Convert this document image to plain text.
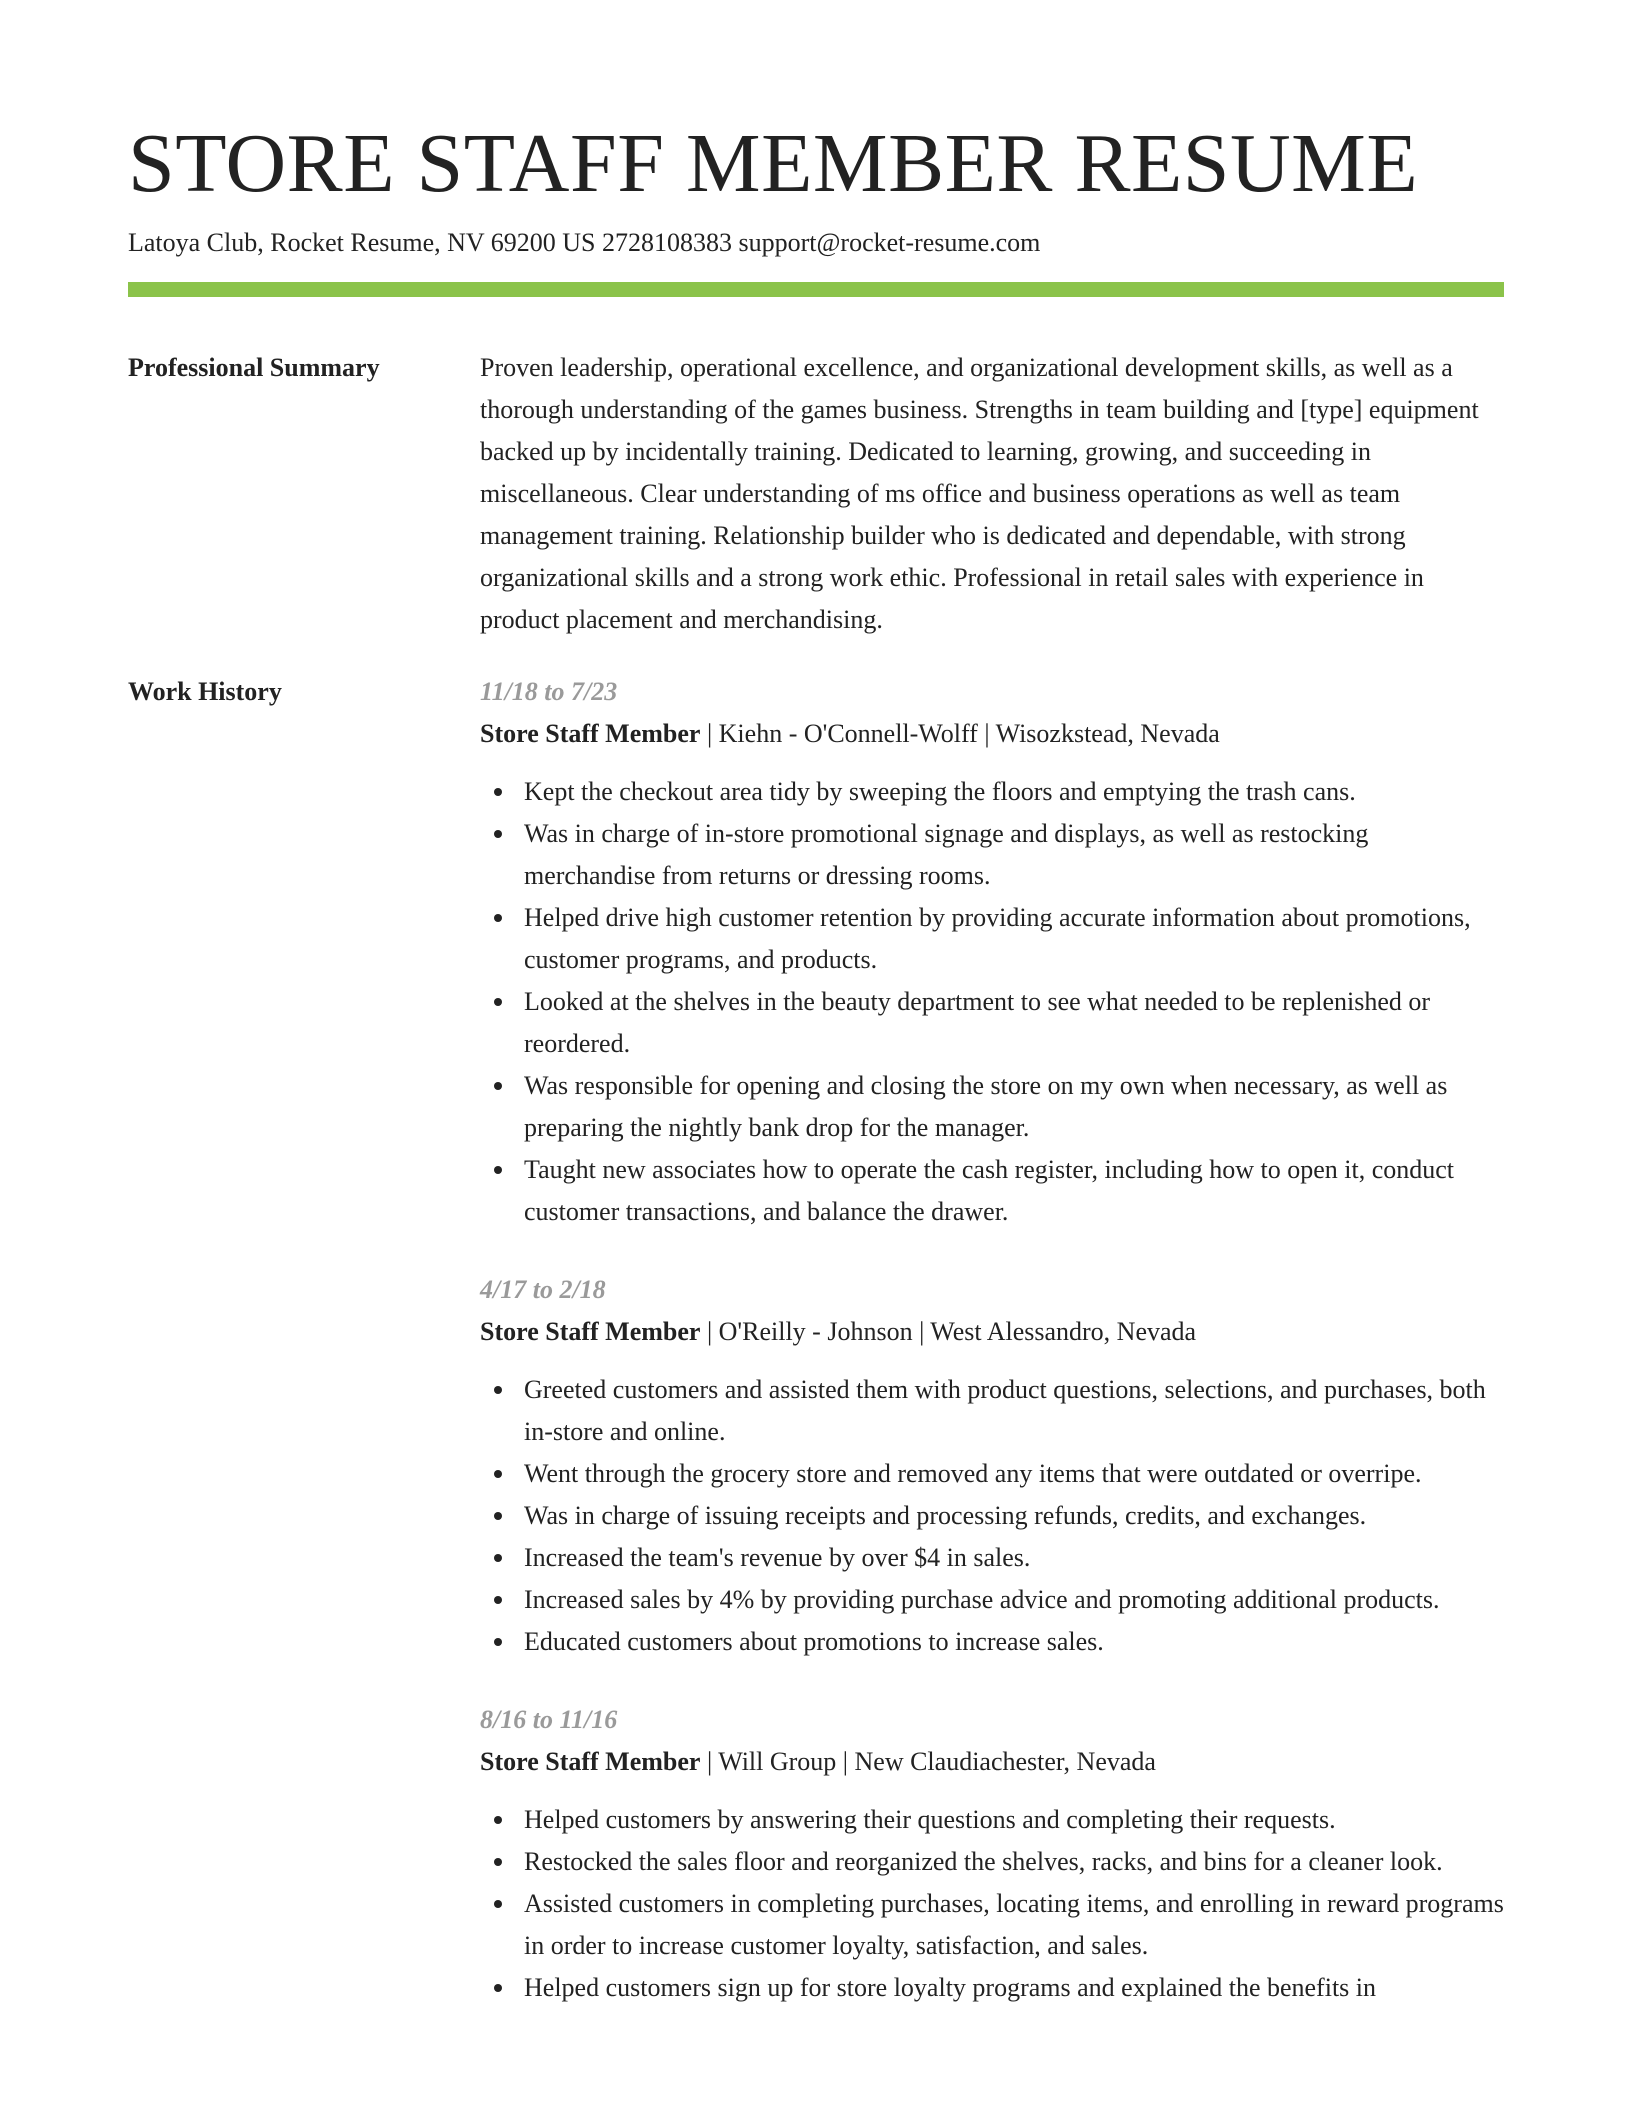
STORE STAFF MEMBER RESUME
Latoya Club, Rocket Resume, NV 69200 US 2728108383 support@rocket-resume.com
Professional Summary	Proven leadership, operational excellence, and organizational development skills, as well as a thorough understanding of the games business. Strengths in team building and [type] equipment backed up by incidentally training. Dedicated to learning, growing, and succeeding in miscellaneous. Clear understanding of ms office and business operations as well as team management training. Relationship builder who is dedicated and dependable, with strong organizational skills and a strong work ethic. Professional in retail sales with experience in product placement and merchandising.

Work History	11/18 to 7/23
Store Staff Member | Kiehn - O'Connell-Wolff | Wisozkstead, Nevada
Kept the checkout area tidy by sweeping the floors and emptying the trash cans.
Was in charge of in-store promotional signage and displays, as well as restocking merchandise from returns or dressing rooms.
Helped drive high customer retention by providing accurate information about promotions, customer programs, and products.
Looked at the shelves in the beauty department to see what needed to be replenished or reordered.
Was responsible for opening and closing the store on my own when necessary, as well as preparing the nightly bank drop for the manager.
Taught new associates how to operate the cash register, including how to open it, conduct customer transactions, and balance the drawer.
4/17 to 2/18
Store Staff Member | O'Reilly - Johnson | West Alessandro, Nevada
Greeted customers and assisted them with product questions, selections, and purchases, both in-store and online.
Went through the grocery store and removed any items that were outdated or overripe.
Was in charge of issuing receipts and processing refunds, credits, and exchanges.
Increased the team's revenue by over $4 in sales.
Increased sales by 4% by providing purchase advice and promoting additional products.
Educated customers about promotions to increase sales.
8/16 to 11/16
Store Staff Member | Will Group | New Claudiachester, Nevada
Helped customers by answering their questions and completing their requests.
Restocked the sales floor and reorganized the shelves, racks, and bins for a cleaner look.
Assisted customers in completing purchases, locating items, and enrolling in reward programs in order to increase customer loyalty, satisfaction, and sales.
Helped customers sign up for store loyalty programs and explained the benefits in
